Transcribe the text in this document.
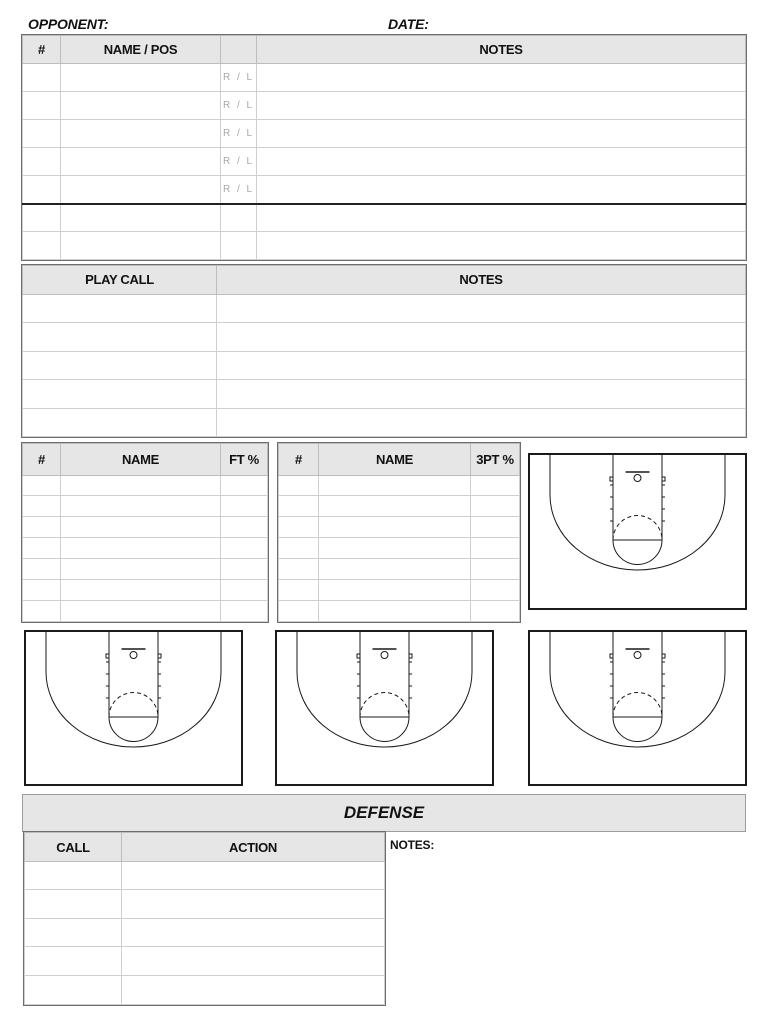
OPPONENT:	DATE:
#	NAME / POS		NOTES
		R / L	
		R / L	
		R / L	
		R / L	
		R / L	

PLAY CALL	NOTES

#	NAME	FT %

			#	NAME	3PT %

DEFENSE
CALL	ACTION

		NOTES:
